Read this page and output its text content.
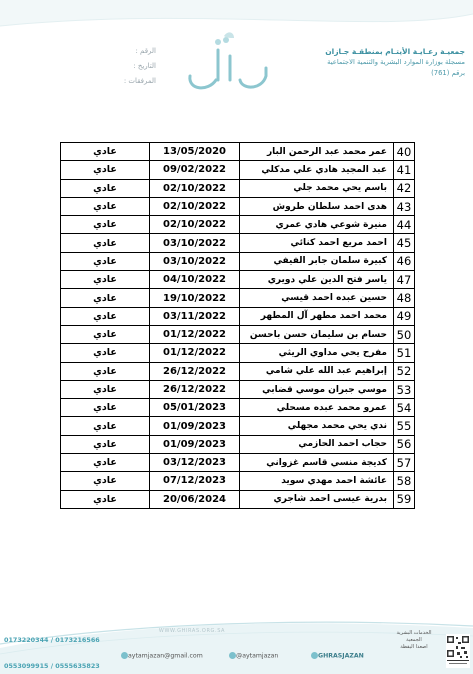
جمعيـة رعـايـة الأيتـام بمنطقـة جـازان
مسجلة بوزارة الموارد البشرية والتنمية الاجتماعية
برقم (761)
الرقم :
التاريخ :
المرفقات :
عادي	13/05/2020	عمر محمد عبد الرحمن البار	40
عادي	09/02/2022	عبد المجيد هادي علي مدكلي	41
عادي	02/10/2022	باسم يحي محمد جلي	42
عادي	02/10/2022	هدى احمد سلطان طروش	43
عادي	02/10/2022	منيرة شوعي هادي عمري	44
عادي	03/10/2022	احمد مريع احمد كنائي	45
عادي	03/10/2022	كبيرة سلمان جابر الفيفي	46
عادي	04/10/2022	ياسر فتح الدين علي دويري	47
عادي	19/10/2022	حسين عبده احمد قيسي	48
عادي	03/11/2022	محمد احمد مطهر آل المطهر	49
عادي	01/12/2022	حسام بن سليمان حسن باحسن	50
عادي	01/12/2022	مفرح يحي مداوي الريثي	51
عادي	26/12/2022	إبراهيم عبد الله علي شامي	52
عادي	26/12/2022	موسي جبران موسي قضابي	53
عادي	05/01/2023	عمرو محمد عبده مسحلي	54
عادي	01/09/2023	ندي يحي محمد مجهلي	55
عادي	01/09/2023	حجاب احمد الحازمي	56
عادي	03/12/2023	كديجة منسي قاسم غزواني	57
عادي	07/12/2023	عائشة احمد مهدي سويد	58
عادي	20/06/2024	بدرية عيسى احمد شاجري	59
WWW.GHIRAS.ORG.SA
0173220344 / 0173216566
0553099915 / 0555635823
aytamjazan@gmail.com	@aytamjazan	GHRASJAZAN
الخدمات البشرية
الجمعية
اصعدا اليقظة
